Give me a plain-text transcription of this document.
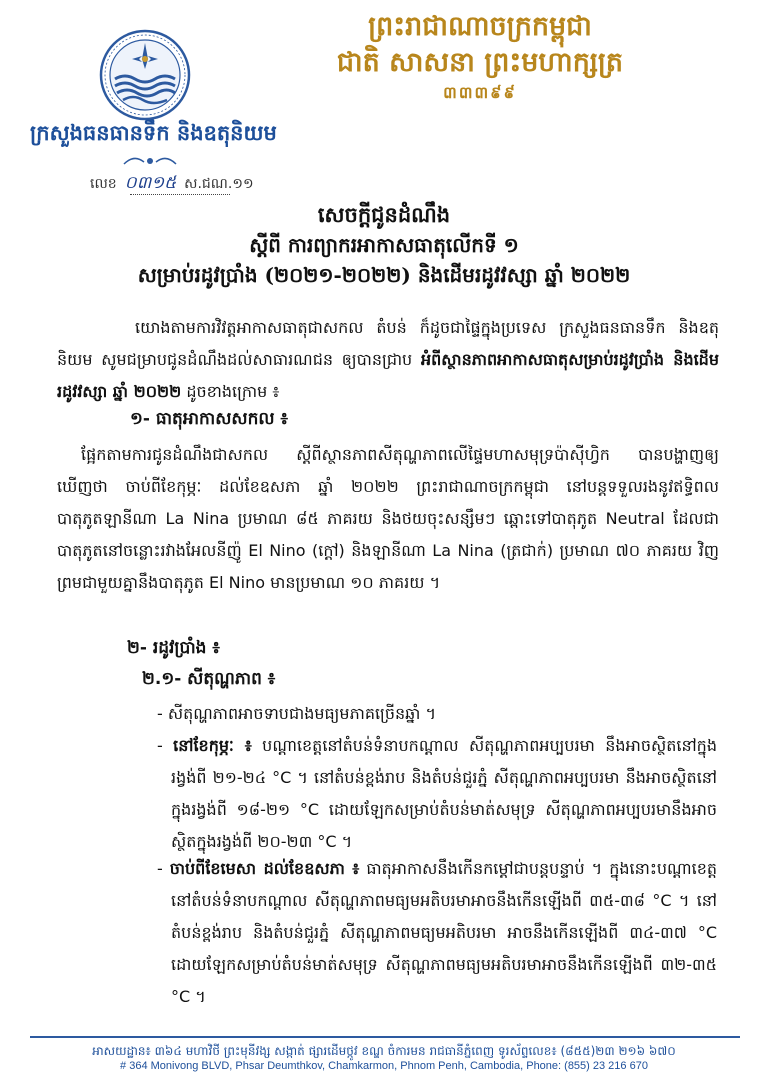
ព្រះរាជាណាចក្រកម្ពុជា
ជាតិ សាសនា ព្រះមហាក្សត្រ
៣៣៣៩៩
ក្រសួងធនធានទឹក និងឧតុនិយម
លេខ ០៣១៥ ស.ជណ.១១
សេចក្តីជូនដំណឹង
ស្តីពី ការព្យាករអាកាសធាតុលើកទី ១
សម្រាប់រដូវប្រាំង (២០២១-២០២២) និងដើមរដូវវស្សា ឆ្នាំ ២០២២
យោងតាមការវិវត្តអាកាសធាតុជាសកល តំបន់ ក៏ដូចជាផ្ទៃក្នុងប្រទេស ក្រសួងធនធានទឹក និងឧតុនិយម សូមជម្រាបជូនដំណឹងដល់សាធារណជន ឲ្យបានជ្រាប អំពីស្ថានភាពអាកាសធាតុសម្រាប់រដូវប្រាំង និងដើមរដូវវស្សា ឆ្នាំ ២០២២ ដូចខាងក្រោម ៖
១- ធាតុអាកាសសកល ៖
ផ្អែកតាមការជូនដំណឹងជាសកល ស្តីពីស្ថានភាពសីតុណ្ហភាពលើផ្ទៃមហាសមុទ្រប៉ាស៊ីហ្វិក បានបង្ហាញឲ្យឃើញថា ចាប់ពីខែកុម្ភៈ ដល់ខែឧសភា ឆ្នាំ ២០២២ ព្រះរាជាណាចក្រកម្ពុជា នៅបន្តទទួលរងនូវឥទ្ធិពលបាតុភូតឡានីណា La Nina ប្រមាណ ៨៥ ភាគរយ និងថយចុះសន្សឹមៗ ឆ្ពោះទៅបាតុភូត Neutral ដែលជាបាតុភូតនៅចន្លោះរវាងអែលនីញ៉ូ El Nino (ក្តៅ) និងឡានីណា La Nina (ត្រជាក់) ប្រមាណ ៧០ ភាគរយ វិញ ព្រមជាមួយគ្នានឹងបាតុភូត El Nino មានប្រមាណ ១០ ភាគរយ ។
២- រដូវប្រាំង ៖
២.១- សីតុណ្ហភាព ៖
- សីតុណ្ហភាពអាចទាបជាងមធ្យមភាគច្រើនឆ្នាំ ។
- នៅខែកុម្ភៈ ៖ បណ្តាខេត្តនៅតំបន់ទំនាបកណ្តាល សីតុណ្ហភាពអប្បបរមា នឹងអាចស្ថិតនៅក្នុងរង្វង់ពី ២១-២៤ °C ។ នៅតំបន់ខ្ពង់រាប និងតំបន់ជួរភ្នំ សីតុណ្ហភាពអប្បបរមា នឹងអាចស្ថិតនៅក្នុងរង្វង់ពី ១៨-២១ °C ដោយឡែកសម្រាប់តំបន់មាត់សមុទ្រ សីតុណ្ហភាពអប្បបរមានឹងអាចស្ថិតក្នុងរង្វង់ពី ២០-២៣ °C ។
- ចាប់ពីខែមេសា ដល់ខែឧសភា ៖ ធាតុអាកាសនឹងកើនកម្តៅជាបន្តបន្ទាប់ ។ ក្នុងនោះបណ្តាខេត្តនៅតំបន់ទំនាបកណ្តាល សីតុណ្ហភាពមធ្យមអតិបរមាអាចនឹងកើនឡើងពី ៣៥-៣៨ °C ។ នៅតំបន់ខ្ពង់រាប និងតំបន់ជួរភ្នំ សីតុណ្ហភាពមធ្យមអតិបរមា អាចនឹងកើនឡើងពី ៣៤-៣៧ °C ដោយឡែកសម្រាប់តំបន់មាត់សមុទ្រ សីតុណ្ហភាពមធ្យមអតិបរមាអាចនឹងកើនឡើងពី ៣២-៣៥ °C ។
អាសយដ្ឋាន៖ ៣៦៤ មហាវិថី ព្រះមុនីវង្ស សង្កាត់ ផ្សារដើមថ្កូវ ខណ្ឌ ចំការមន រាជធានីភ្នំពេញ ទូរស័ព្ទលេខ៖ (៨៥៥)២៣ ២១៦ ៦៧០
# 364 Monivong BLVD, Phsar Deumthkov, Chamkarmon, Phnom Penh, Cambodia, Phone: (855) 23 216 670
